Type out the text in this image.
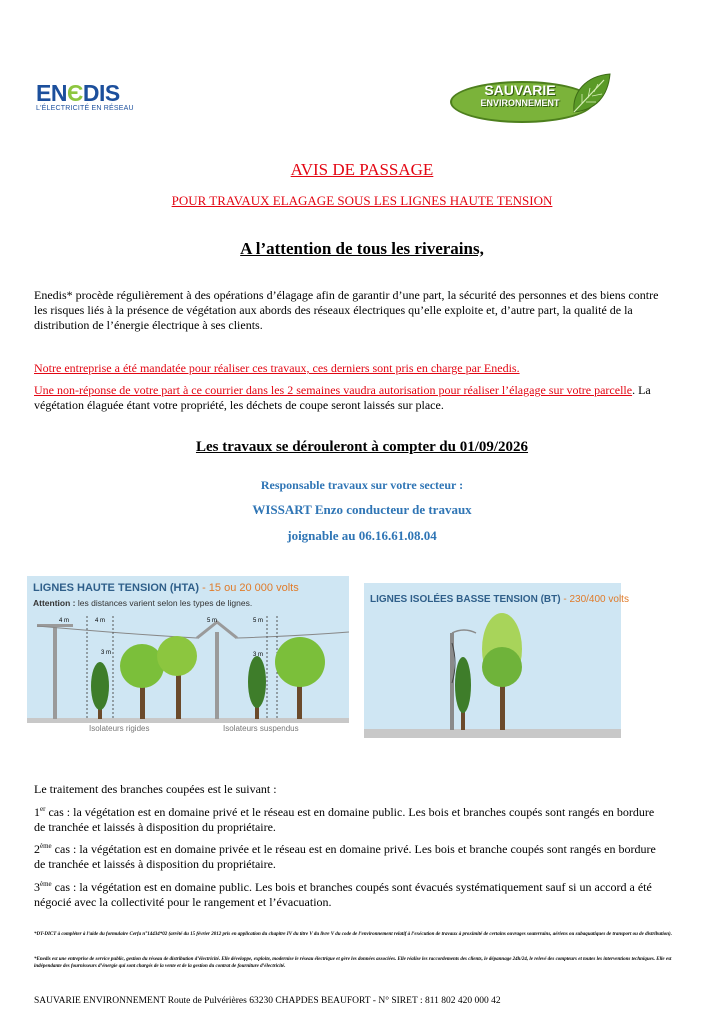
ENЄDIS
L'ÉLECTRICITÉ EN RÉSEAU
SAUVARIE
ENVIRONNEMENT
AVIS DE PASSAGE
POUR TRAVAUX ELAGAGE SOUS LES LIGNES HAUTE TENSION
A l’attention de tous les riverains,

Enedis* procède régulièrement à des opérations d’élagage afin de garantir d’une part, la sécurité des personnes et des biens contre les risques liés à la présence de végétation aux abords des réseaux électriques qu’elle exploite et, d’autre part, la qualité de la distribution de l’énergie électrique à ses clients.

Notre entreprise a été mandatée pour réaliser ces travaux, ces derniers sont pris en charge par Enedis.

Une non-réponse de votre part à ce courrier dans les 2 semaines vaudra autorisation pour réaliser l’élagage sur votre parcelle. La végétation élaguée étant votre propriété, les déchets de coupe seront laissés sur place.

Les travaux se dérouleront à compter du 01/09/2026
Responsable travaux sur votre secteur :
WISSART Enzo conducteur de travaux
joignable au 06.16.61.08.04
LIGNES HAUTE TENSION (HTA) - 15 ou 20 000 volts
Attention : les distances varient selon les types de lignes.
4 m	4 m
3 m
5 m	5 m
3 m
Isolateurs rigides	Isolateurs suspendus
LIGNES ISOLÉES BASSE TENSION (BT) - 230/400 volts

Le traitement des branches coupées est le suivant :

1er cas : la végétation est en domaine privé et le réseau est en domaine public. Les bois et branches coupés sont rangés en bordure de tranchée et laissés à disposition du propriétaire.

2ème cas : la végétation est en domaine privée et le réseau est en domaine privé. Les bois et branche coupés sont rangés en bordure de tranchée et laissés à disposition du propriétaire.

3ème cas : la végétation est en domaine public. Les bois et branches coupés sont évacués systématiquement sauf si un accord a été négocié avec la collectivité pour le rangement et l’évacuation.

*DT-DICT à compléter à l’aide du formulaire Cerfa n°14434*02 (arrêté du 15 février 2012 pris en application du chapitre IV du titre V du livre V du code de l’environnement relatif à l’exécution de travaux à proximité de certains ouvrages souterrains, aériens ou subaquatiques de transport ou de distribution).

*Enedis est une entreprise de service public, gestion du réseau de distribution d’électricité. Elle développe, exploite, modernise le réseau électrique et gère les données associées. Elle réalise les raccordements des clients, le dépannage 24h/24, le relevé des compteurs et toutes les interventions techniques. Elle est indépendante des fournisseurs d’énergie qui sont chargés de la vente et de la gestion du contrat de fourniture d’électricité.

SAUVARIE ENVIRONNEMENT Route de Pulvérières 63230 CHAPDES BEAUFORT - N° SIRET : 811 802 420 000 42
